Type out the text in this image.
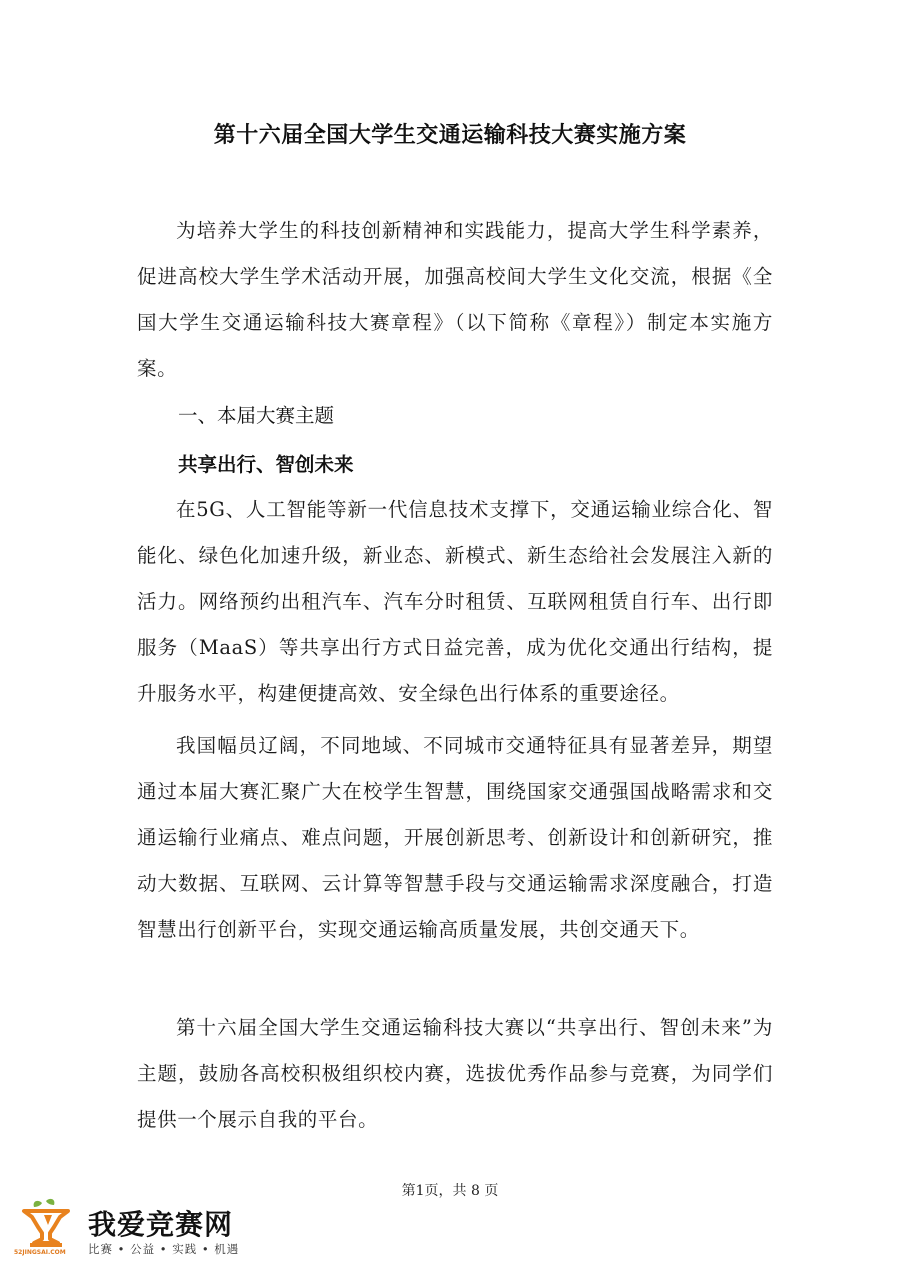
第十六届全国大学生交通运输科技大赛实施方案

为培养大学生的科技创新精神和实践能力，提高大学生科学素养，促进高校大学生学术活动开展，加强高校间大学生文化交流，根据《全国大学生交通运输科技大赛章程》（以下简称《章程》）制定本实施方案。

一、本届大赛主题
共享出行、智创未来

在5G、人工智能等新一代信息技术支撑下，交通运输业综合化、智能化、绿色化加速升级，新业态、新模式、新生态给社会发展注入新的活力。网络预约出租汽车、汽车分时租赁、互联网租赁自行车、出行即服务（MaaS）等共享出行方式日益完善，成为优化交通出行结构，提升服务水平，构建便捷高效、安全绿色出行体系的重要途径。

我国幅员辽阔，不同地域、不同城市交通特征具有显著差异，期望通过本届大赛汇聚广大在校学生智慧，围绕国家交通强国战略需求和交通运输行业痛点、难点问题，开展创新思考、创新设计和创新研究，推动大数据、互联网、云计算等智慧手段与交通运输需求深度融合，打造智慧出行创新平台，实现交通运输高质量发展，共创交通天下。

第十六届全国大学生交通运输科技大赛以“共享出行、智创未来”为主题，鼓励各高校积极组织校内赛，选拔优秀作品参与竞赛，为同学们提供一个展示自我的平台。

第1页，共 8 页
52JINGSAI.COM
我爱竞赛网
比赛 • 公益 • 实践 • 机遇
